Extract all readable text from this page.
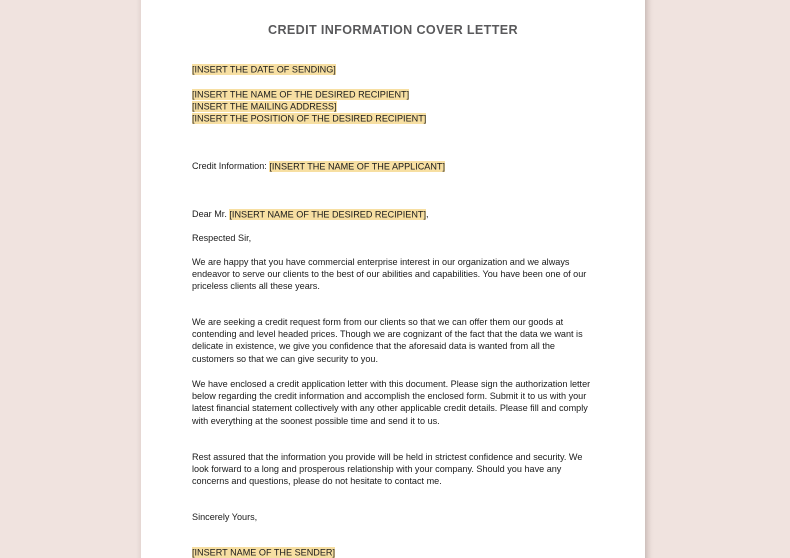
CREDIT INFORMATION COVER LETTER
[INSERT THE DATE OF SENDING]
[INSERT THE NAME OF THE DESIRED RECIPIENT]
[INSERT THE MAILING ADDRESS]
[INSERT THE POSITION OF THE DESIRED RECIPIENT]
Credit Information: [INSERT THE NAME OF THE APPLICANT]
Dear Mr. [INSERT NAME OF THE DESIRED RECIPIENT],
Respected Sir,

We are happy that you have commercial enterprise interest in our organization and we always endeavor to serve our clients to the best of our abilities and capabilities. You have been one of our priceless clients all these years.

We are seeking a credit request form from our clients so that we can offer them our goods at contending and level headed prices. Though we are cognizant of the fact that the data we want is delicate in existence, we give you confidence that the aforesaid data is wanted from all the customers so that we can give security to you.

We have enclosed a credit application letter with this document. Please sign the authorization letter below regarding the credit information and accomplish the enclosed form. Submit it to us with your latest financial statement collectively with any other applicable credit details. Please fill and comply with everything at the soonest possible time and send it to us.

Rest assured that the information you provide will be held in strictest confidence and security. We look forward to a long and prosperous relationship with your company. Should you have any concerns and questions, please do not hesitate to contact me.

Sincerely Yours,
[INSERT NAME OF THE SENDER]
